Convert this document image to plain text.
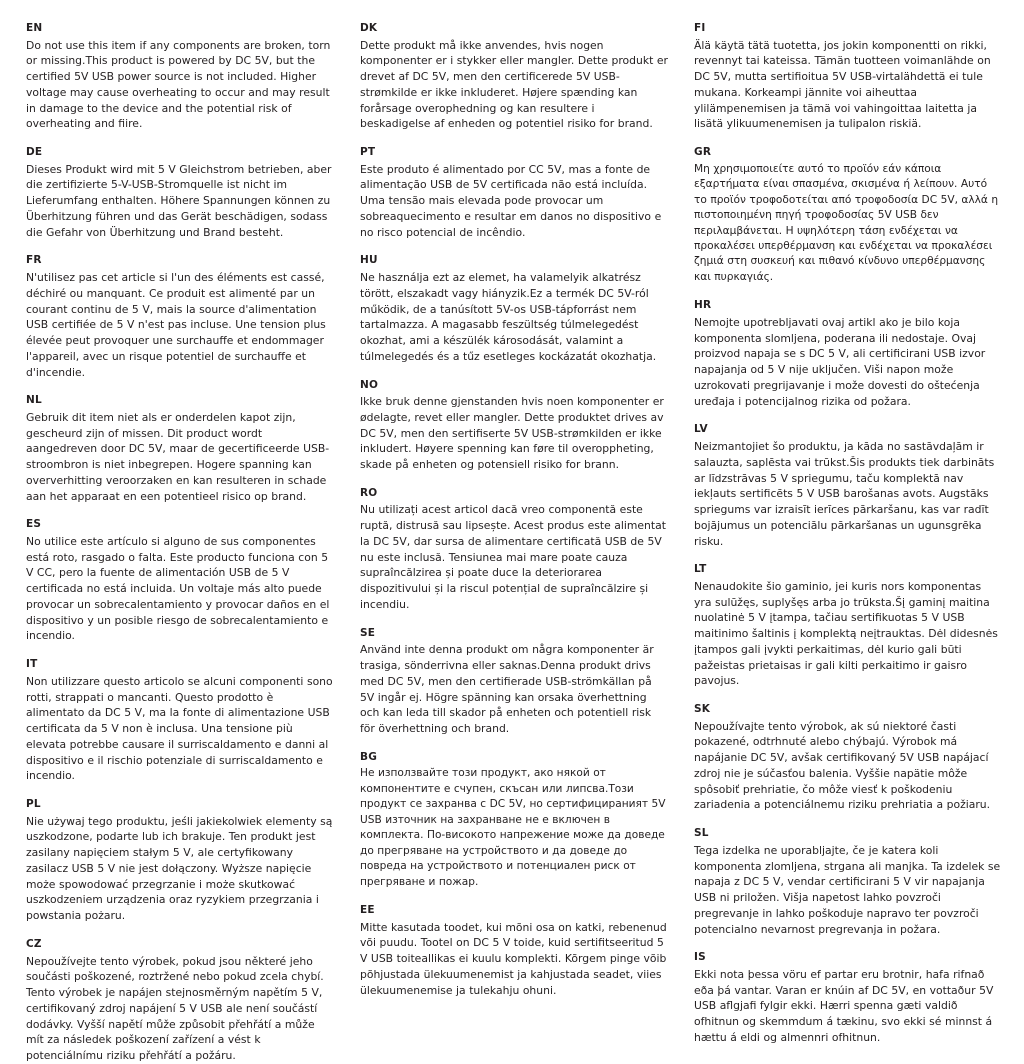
EN
Do not use this item if any components are broken, torn or missing.This product is powered by DC 5V, but the certified 5V USB power source is not included. Higher voltage may cause overheating to occur and may result in damage to the device and the potential risk of overheating and fiire.
DE
Dieses Produkt wird mit 5 V Gleichstrom betrieben, aber die zertifizierte 5-V-USB-Stromquelle ist nicht im Lieferumfang enthalten. Höhere Spannungen können zu Überhitzung führen und das Gerät beschädigen, sodass die Gefahr von Überhitzung und Brand besteht.
FR
N'utilisez pas cet article si l'un des éléments est cassé, déchiré ou manquant. Ce produit est alimenté par un courant continu de 5 V, mais la source d'alimentation USB certifiée de 5 V n'est pas incluse. Une tension plus élevée peut provoquer une surchauffe et endommager l'appareil, avec un risque potentiel de surchauffe et d'incendie.
NL
Gebruik dit item niet als er onderdelen kapot zijn, gescheurd zijn of missen. Dit product wordt aangedreven door DC 5V, maar de gecertificeerde USB-stroombron is niet inbegrepen. Hogere spanning kan oververhitting veroorzaken en kan resulteren in schade aan het apparaat en een potentieel risico op brand.
ES
No utilice este artículo si alguno de sus componentes está roto, rasgado o falta. Este producto funciona con 5 V CC, pero la fuente de alimentación USB de 5 V certificada no está incluida. Un voltaje más alto puede provocar un sobrecalentamiento y provocar daños en el dispositivo y un posible riesgo de sobrecalentamiento e incendio.
IT
Non utilizzare questo articolo se alcuni componenti sono rotti, strappati o mancanti. Questo prodotto è alimentato da DC 5 V, ma la fonte di alimentazione USB certificata da 5 V non è inclusa. Una tensione più elevata potrebbe causare il surriscaldamento e danni al dispositivo e il rischio potenziale di surriscaldamento e incendio.
PL
Nie używaj tego produktu, jeśli jakiekolwiek elementy są uszkodzone, podarte lub ich brakuje. Ten produkt jest zasilany napięciem stałym 5 V, ale certyfikowany zasilacz USB 5 V nie jest dołączony. Wyższe napięcie może spowodować przegrzanie i może skutkować uszkodzeniem urządzenia oraz ryzykiem przegrzania i powstania pożaru.
CZ
Nepoužívejte tento výrobek, pokud jsou některé jeho součásti poškozené, roztržené nebo pokud zcela chybí. Tento výrobek je napájen stejnosměrným napětím 5 V, certifikovaný zdroj napájení 5 V USB ale není součástí dodávky. Vyšší napětí může způsobit přehřátí a může mít za následek poškození zařízení a vést k potenciálnímu riziku přehřátí a požáru.
DK
Dette produkt må ikke anvendes, hvis nogen komponenter er i stykker eller mangler. Dette produkt er drevet af DC 5V, men den certificerede 5V USB-strømkilde er ikke inkluderet. Højere spænding kan forårsage overophedning og kan resultere i beskadigelse af enheden og potentiel risiko for brand.
PT
Este produto é alimentado por CC 5V, mas a fonte de alimentação USB de 5V certificada não está incluída. Uma tensão mais elevada pode provocar um sobreaquecimento e resultar em danos no dispositivo e no risco potencial de incêndio.
HU
Ne használja ezt az elemet, ha valamelyik alkatrész törött, elszakadt vagy hiányzik.Ez a termék DC 5V-ról működik, de a tanúsított 5V-os USB-tápforrást nem tartalmazza. A magasabb feszültség túlmelegedést okozhat, ami a készülék károsodását, valamint a túlmelegedés és a tűz esetleges kockázatát okozhatja.
NO
Ikke bruk denne gjenstanden hvis noen komponenter er ødelagte, revet eller mangler. Dette produktet drives av DC 5V, men den sertifiserte 5V USB-strømkilden er ikke inkludert. Høyere spenning kan føre til overoppheting, skade på enheten og potensiell risiko for brann.
RO
Nu utilizați acest articol dacă vreo componentă este ruptă, distrusă sau lipsește. Acest produs este alimentat la DC 5V, dar sursa de alimentare certificată USB de 5V nu este inclusă. Tensiunea mai mare poate cauza supraîncălzirea și poate duce la deteriorarea dispozitivului și la riscul potențial de supraîncălzire și incendiu.
SE
Använd inte denna produkt om några komponenter är trasiga, sönderrivna eller saknas.Denna produkt drivs med DC 5V, men den certifierade USB-strömkällan på 5V ingår ej. Högre spänning kan orsaka överhettning och kan leda till skador på enheten och potentiell risk för överhettning och brand.
BG
Не използвайте този продукт, ако някой от компонентите е счупен, скъсан или липсва.Този продукт се захранва с DC 5V, но сертифицираният 5V USB източник на захранване не е включен в комплекта. По-високото напрежение може да доведе до прегряване на устройството и да доведе до повреда на устройството и потенциален риск от прегряване и пожар.
EE
Mitte kasutada toodet, kui mõni osa on katki, rebenenud või puudu. Tootel on DC 5 V toide, kuid sertifitseeritud 5 V USB toiteallikas ei kuulu komplekti. Kõrgem pinge võib põhjustada ülekuumenemist ja kahjustada seadet, viies ülekuumenemise ja tulekahju ohuni.
FI
Älä käytä tätä tuotetta, jos jokin komponentti on rikki, revennyt tai kateissa. Tämän tuotteen voimanlähde on DC 5V, mutta sertifioitua 5V USB-virtalähdettä ei tule mukana. Korkeampi jännite voi aiheuttaa ylilämpenemisen ja tämä voi vahingoittaa laitetta ja lisätä ylikuumenemisen ja tulipalon riskiä.
GR
Μη χρησιμοποιείτε αυτό το προϊόν εάν κάποια εξαρτήματα είναι σπασμένα, σκισμένα ή λείπουν. Αυτό το προϊόν τροφοδοτείται από τροφοδοσία DC 5V, αλλά η πιστοποιημένη πηγή τροφοδοσίας 5V USB δεν περιλαμβάνεται. Η υψηλότερη τάση ενδέχεται να προκαλέσει υπερθέρμανση και ενδέχεται να προκαλέσει ζημιά στη συσκευή και πιθανό κίνδυνο υπερθέρμανσης και πυρκαγιάς.
HR
Nemojte upotrebljavati ovaj artikl ako je bilo koja komponenta slomljena, poderana ili nedostaje. Ovaj proizvod napaja se s DC 5 V, ali certificirani USB izvor napajanja od 5 V nije uključen. Viši napon može uzrokovati pregrijavanje i može dovesti do oštećenja uređaja i potencijalnog rizika od požara.
LV
Neizmantojiet šo produktu, ja kāda no sastāvdaļām ir salauzta, saplēsta vai trūkst.Šis produkts tiek darbināts ar līdzstrāvas 5 V spriegumu, taču komplektā nav iekļauts sertificēts 5 V USB barošanas avots. Augstāks spriegums var izraisīt ierīces pārkaršanu, kas var radīt bojājumus un potenciālu pārkaršanas un ugunsgrēka risku.
LT
Nenaudokite šio gaminio, jei kuris nors komponentas yra sulūžęs, suplyšęs arba jo trūksta.Šį gaminį maitina nuolatinė 5 V įtampa, tačiau sertifikuotas 5 V USB maitinimo šaltinis į komplektą neįtrauktas. Dėl didesnės įtampos gali įvykti perkaitimas, dėl kurio gali būti pažeistas prietaisas ir gali kilti perkaitimo ir gaisro pavojus.
SK
Nepoužívajte tento výrobok, ak sú niektoré časti pokazené, odtrhnuté alebo chýbajú. Výrobok má napájanie DC 5V, avšak certifikovaný 5V USB napájací zdroj nie je súčasťou balenia. Vyššie napätie môže spôsobiť prehriatie, čo môže viesť k poškodeniu zariadenia a potenciálnemu riziku prehriatia a požiaru.
SL
Tega izdelka ne uporabljajte, če je katera koli komponenta zlomljena, strgana ali manjka. Ta izdelek se napaja z DC 5 V, vendar certificirani 5 V vir napajanja USB ni priložen. Višja napetost lahko povzroči pregrevanje in lahko poškoduje napravo ter povzroči potencialno nevarnost pregrevanja in požara.
IS
Ekki nota þessa vöru ef partar eru brotnir, hafa rifnað eða þá vantar. Varan er knúin af DC 5V, en vottaður 5V USB aflgjafi fylgir ekki. Hærri spenna gæti valdið ofhitnun og skemmdum á tækinu, svo ekki sé minnst á hættu á eldi og almennri ofhitnun.
